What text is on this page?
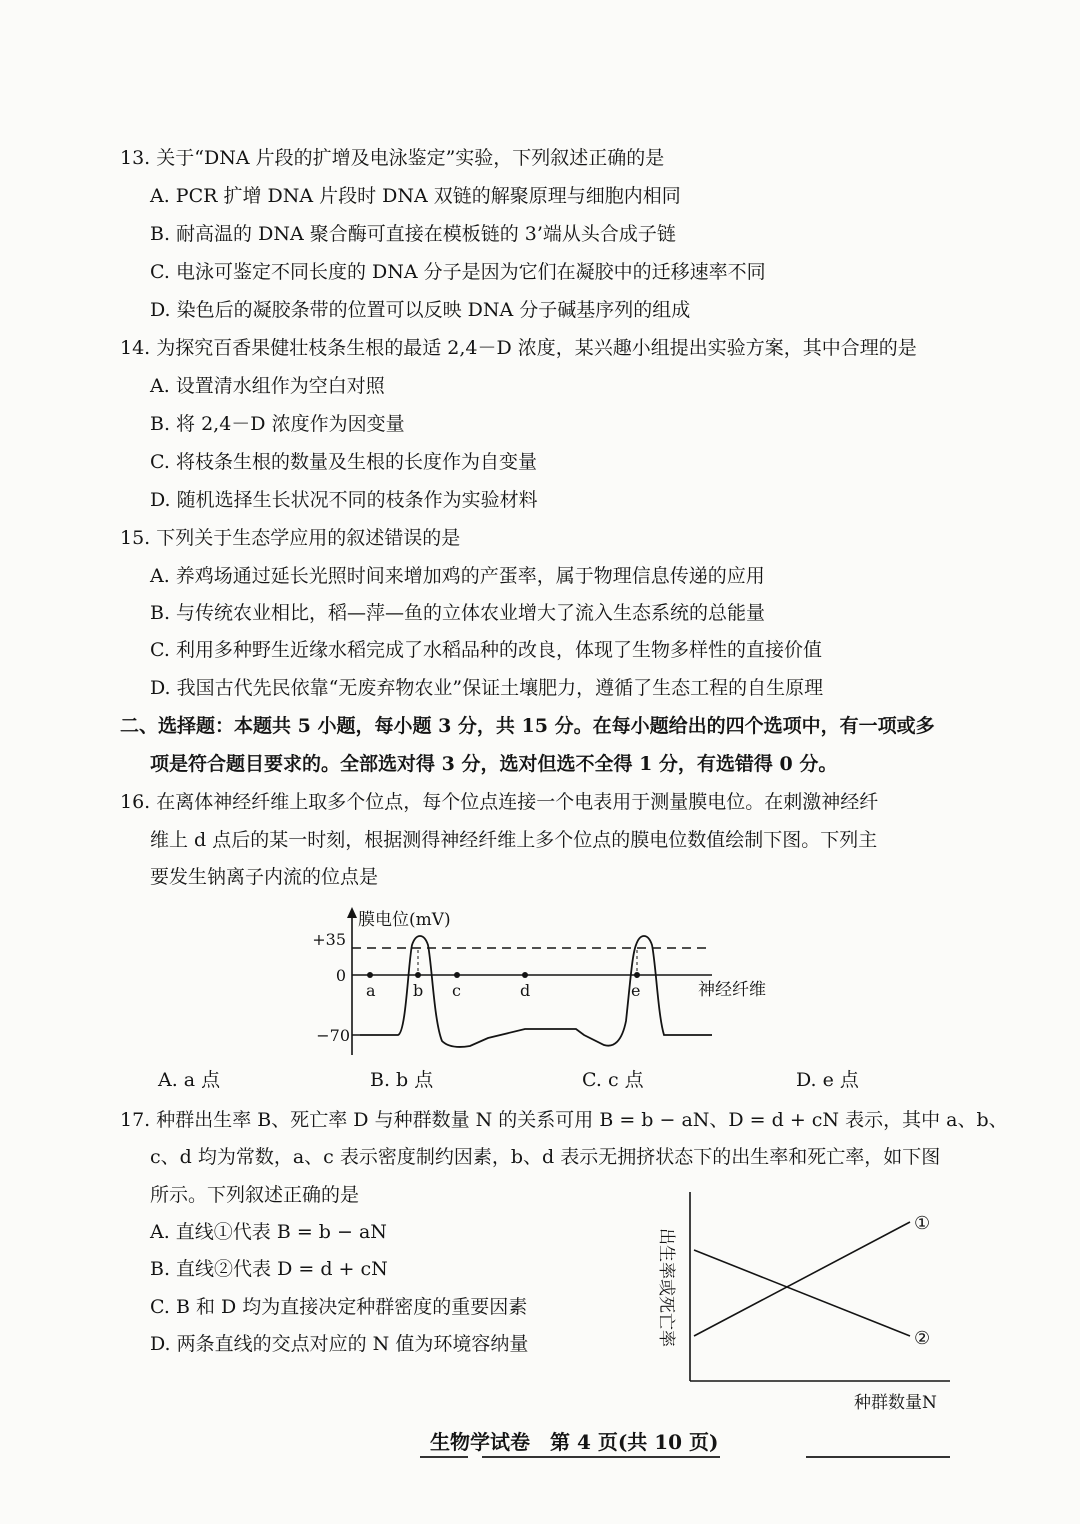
13. 关于“DNA 片段的扩增及电泳鉴定”实验，下列叙述正确的是
A. PCR 扩增 DNA 片段时 DNA 双链的解聚原理与细胞内相同
B. 耐高温的 DNA 聚合酶可直接在模板链的 3’端从头合成子链
C. 电泳可鉴定不同长度的 DNA 分子是因为它们在凝胶中的迁移速率不同
D. 染色后的凝胶条带的位置可以反映 DNA 分子碱基序列的组成
14. 为探究百香果健壮枝条生根的最适 2,4－D 浓度，某兴趣小组提出实验方案，其中合理的是
A. 设置清水组作为空白对照
B. 将 2,4－D 浓度作为因变量
C. 将枝条生根的数量及生根的长度作为自变量
D. 随机选择生长状况不同的枝条作为实验材料
15. 下列关于生态学应用的叙述错误的是
A. 养鸡场通过延长光照时间来增加鸡的产蛋率，属于物理信息传递的应用
B. 与传统农业相比，稻—萍—鱼的立体农业增大了流入生态系统的总能量
C. 利用多种野生近缘水稻完成了水稻品种的改良，体现了生物多样性的直接价值
D. 我国古代先民依靠“无废弃物农业”保证土壤肥力，遵循了生态工程的自生原理
二、选择题：本题共 5 小题，每小题 3 分，共 15 分。在每小题给出的四个选项中，有一项或多
项是符合题目要求的。全部选对得 3 分，选对但选不全得 1 分，有选错得 0 分。
16. 在离体神经纤维上取多个位点，每个位点连接一个电表用于测量膜电位。在刺激神经纤
维上 d 点后的某一时刻，根据测得神经纤维上多个位点的膜电位数值绘制下图。下列主
要发生钠离子内流的位点是
膜电位(mV)
+35
0
−70
神经纤维
a b c	d	e
A. a 点	B. b 点	C. c 点	D. e 点
17. 种群出生率 B、死亡率 D 与种群数量 N 的关系可用 B = b − aN、D = d + cN 表示，其中 a、b、
c、d 均为常数，a、c 表示密度制约因素，b、d 表示无拥挤状态下的出生率和死亡率，如下图
所示。下列叙述正确的是
A. 直线①代表 B = b − aN
B. 直线②代表 D = d + cN
C. B 和 D 均为直接决定种群密度的重要因素
D. 两条直线的交点对应的 N 值为环境容纳量
①
②
种群数量N
出生率或死亡率
生物学试卷　第 4 页(共 10 页)
